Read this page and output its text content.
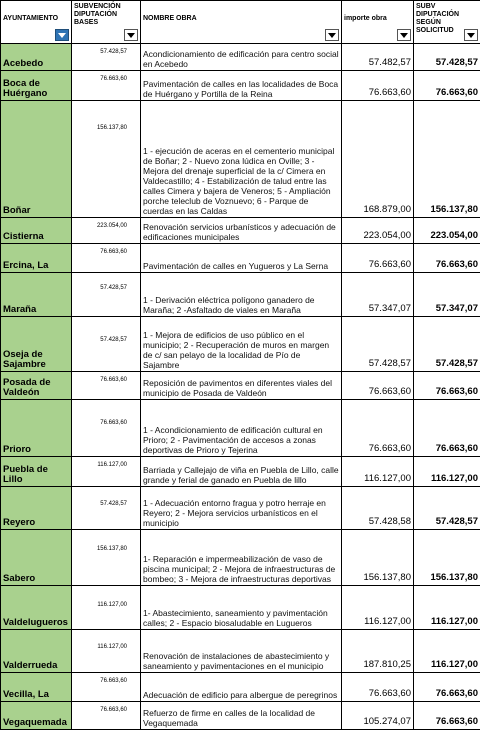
AYUNTAMIENTO	SUBVENCIÓN DIPUTACIÓN BASES	NOMBRE OBRA	importe obra	SUBV DIPUTACIÓN SEGÚN SOLICITUD

Acebedo	57.428,57	Acondicionamiento de edificación para centro social en Acebedo	57.482,57	57.428,57
Boca de Huérgano	76.663,60	Pavimentación de calles en las localidades de Boca de Huérgano y Portilla de la Reina	76.663,60	76.663,60
Boñar	156.137,80	1 - ejecución de aceras en el cementerio municipal de Boñar; 2 - Nuevo zona lúdica en Oville; 3 - Mejora del drenaje superficial de la c/ Cimera en Valdecastillo; 4 - Estabilización de talud entre las calles Cimera y bajera de Veneros; 5 - Ampliación porche teleclub de Voznuevo; 6 - Parque de cuerdas en las Caldas	168.879,00	156.137,80
Cistierna	223.054,00	Renovación servicios urbanísticos y adecuación de edificaciones municipales	223.054,00	223.054,00
Ercina, La	76.663,60	Pavimentación de calles en Yugueros y La Serna	76.663,60	76.663,60
Maraña	57.428,57	1 - Derivación eléctrica polígono ganadero de Maraña; 2 -Asfaltado de viales en Maraña	57.347,07	57.347,07
Oseja de Sajambre	57.428,57	1 - Mejora de edificios de uso público en el municipio; 2 - Recuperación de muros en margen de c/ san pelayo de la localidad de Pío de Sajambre	57.428,57	57.428,57
Posada de Valdeón	76.663,60	Reposición de pavimentos en diferentes viales del municipio de Posada de Valdeón	76.663,60	76.663,60
Prioro	76.663,60	1 - Acondicionamiento de edificación cultural en Prioro; 2 - Pavimentación de accesos a zonas deportivas de Prioro y Tejerina	76.663,60	76.663,60
Puebla de Lillo	116.127,00	Barriada y Callejajo de viña en Puebla de Lillo, calle grande y ferial de ganado en Puebla de lillo	116.127,00	116.127,00
Reyero	57.428,57	1 - Adecuación entorno fragua y potro herraje en Reyero; 2 - Mejora servicios urbanísticos en el municipio	57.428,58	57.428,57
Sabero	156.137,80	1- Reparación e impermeabilización de vaso de piscina municipal; 2 - Mejora de infraestructuras de bombeo; 3 - Mejora de infraestructuras deportivas	156.137,80	156.137,80
Valdelugueros	116.127,00	1- Abastecimiento, saneamiento y pavimentación calles; 2 - Espacio biosaludable en Lugueros	116.127,00	116.127,00
Valderrueda	116.127,00	Renovación de instalaciones de abastecimiento y saneamiento y pavimentaciones en el municipio	187.810,25	116.127,00
Vecilla, La	76.663,60	Adecuación de edificio para albergue de peregrinos	76.663,60	76.663,60
Vegaquemada	76.663,60	Refuerzo de firme en calles de la localidad de Vegaquemada	105.274,07	76.663,60
